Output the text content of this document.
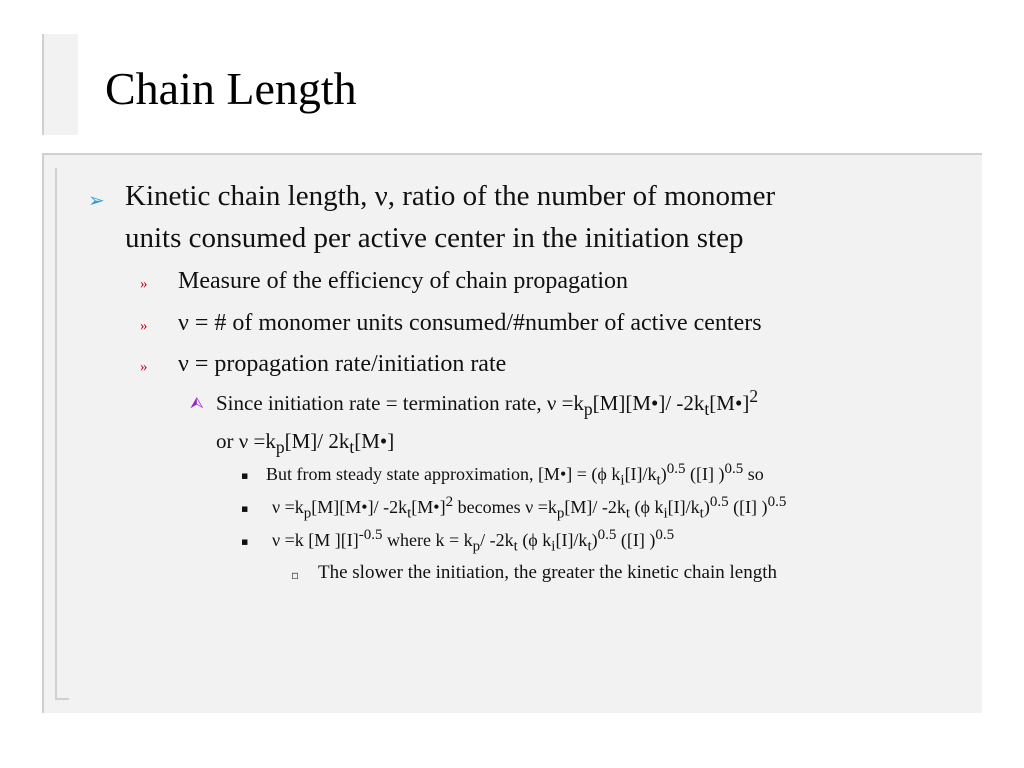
Chain Length
➢ Kinetic chain length, ν, ratio of the number of monomer
units consumed per active center in the initiation step
» Measure of the efficiency of chain propagation
» ν = # of monomer units consumed/#number of active centers
» ν = propagation rate/initiation rate
⮙ Since initiation rate = termination rate, $\nu =k_p[M][M•]/$ $-2k_t[M•]^2$
or $\nu =k_p[M]/$ $2k_t[M•]$
▪ But from steady state approximation, [M•] = (ϕ $k_i[I]/k_t)^{0.5}$ ([I] )$^{0.5}$ so
▪ $\nu =k_p[M][M•]/$ $-2k_t[M•]^2$ becomes $\nu =k_p[M]/$ $-2k_t$ (ϕ $k_i[I]/k_t)^{0.5}$ ([I] )$^{0.5}$
▪ ν =k [M ]$[I]^{-0.5}$ where $k = k_p/$ $-2k_t$ (ϕ $k_i[I]/k_t)^{0.5}$ ([I] )$^{0.5}$
▫ The slower the initiation, the greater the kinetic chain length
